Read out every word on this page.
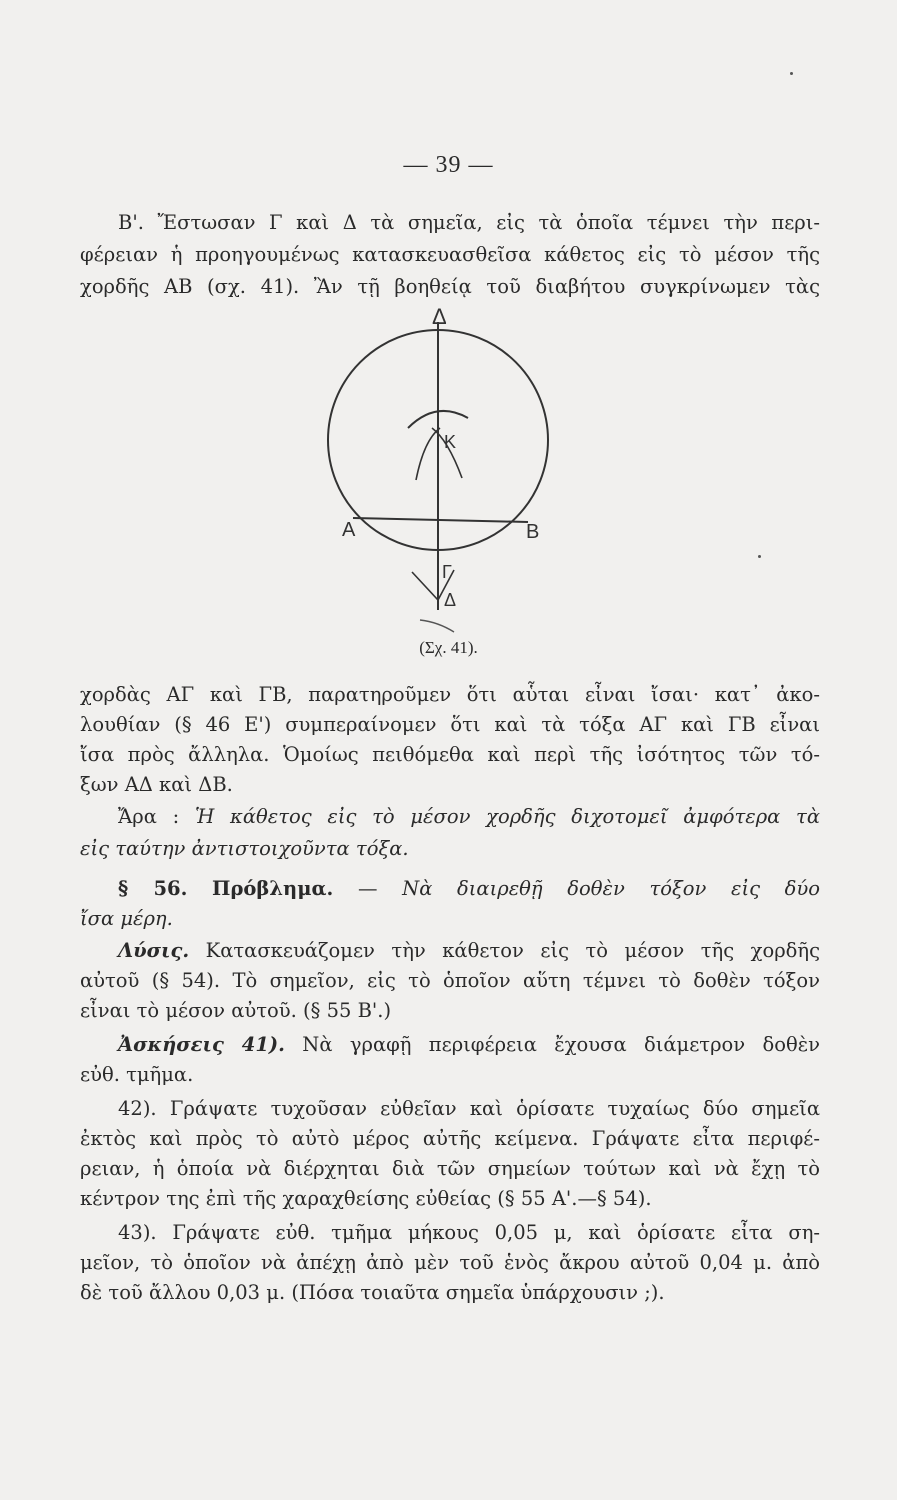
— 39 —
Β'. Ἔστωσαν Γ καὶ Δ τὰ σημεῖα, εἰς τὰ ὁποῖα τέμνει τὴν περι-
φέρειαν ἡ προηγουμένως κατασκευασθεῖσα κάθετος εἰς τὸ μέσον τῆς
χορδῆς ΑΒ (σχ. 41). Ἂν τῇ βοηθείᾳ τοῦ διαβήτου συγκρίνωμεν τὰς
Δ
Κ
Α	Β
Γ
Δ
(Σχ. 41).
χορδὰς ΑΓ καὶ ΓΒ, παρατηροῦμεν ὅτι αὗται εἶναι ἴσαι· κατ᾽ ἀκο-
λουθίαν (§ 46 Ε') συμπεραίνομεν ὅτι καὶ τὰ τόξα ΑΓ καὶ ΓΒ εἶναι
ἴσα πρὸς ἄλληλα. Ὁμοίως πειθόμεθα καὶ περὶ τῆς ἰσότητος τῶν τό-
ξων ΑΔ καὶ ΔΒ.
Ἄρα : Ἡ κάθετος εἰς τὸ μέσον χορδῆς διχοτομεῖ ἀμφότερα τὰ
εἰς ταύτην ἀντιστοιχοῦντα τόξα.
§ 56. Πρόβλημα. — Νὰ διαιρεθῇ δοθὲν τόξον εἰς δύο
ἴσα μέρη.
Λύσις. Κατασκευάζομεν τὴν κάθετον εἰς τὸ μέσον τῆς χορδῆς
αὐτοῦ (§ 54). Τὸ σημεῖον, εἰς τὸ ὁποῖον αὕτη τέμνει τὸ δοθὲν τόξον
εἶναι τὸ μέσον αὐτοῦ. (§ 55 Β'.)
Ἀσκήσεις 41). Νὰ γραφῇ περιφέρεια ἔχουσα διάμετρον δοθὲν
εὐθ. τμῆμα.
42). Γράψατε τυχοῦσαν εὐθεῖαν καὶ ὁρίσατε τυχαίως δύο σημεῖα
ἐκτὸς καὶ πρὸς τὸ αὐτὸ μέρος αὐτῆς κείμενα. Γράψατε εἶτα περιφέ-
ρειαν, ἡ ὁποία νὰ διέρχηται διὰ τῶν σημείων τούτων καὶ νὰ ἔχῃ τὸ
κέντρον της ἐπὶ τῆς χαραχθείσης εὐθείας (§ 55 Α'.—§ 54).
43). Γράψατε εὐθ. τμῆμα μήκους 0,05 μ, καὶ ὁρίσατε εἶτα ση-
μεῖον, τὸ ὁποῖον νὰ ἀπέχῃ ἀπὸ μὲν τοῦ ἑνὸς ἄκρου αὐτοῦ 0,04 μ. ἀπὸ
δὲ τοῦ ἄλλου 0,03 μ. (Πόσα τοιαῦτα σημεῖα ὑπάρχουσιν ;).
